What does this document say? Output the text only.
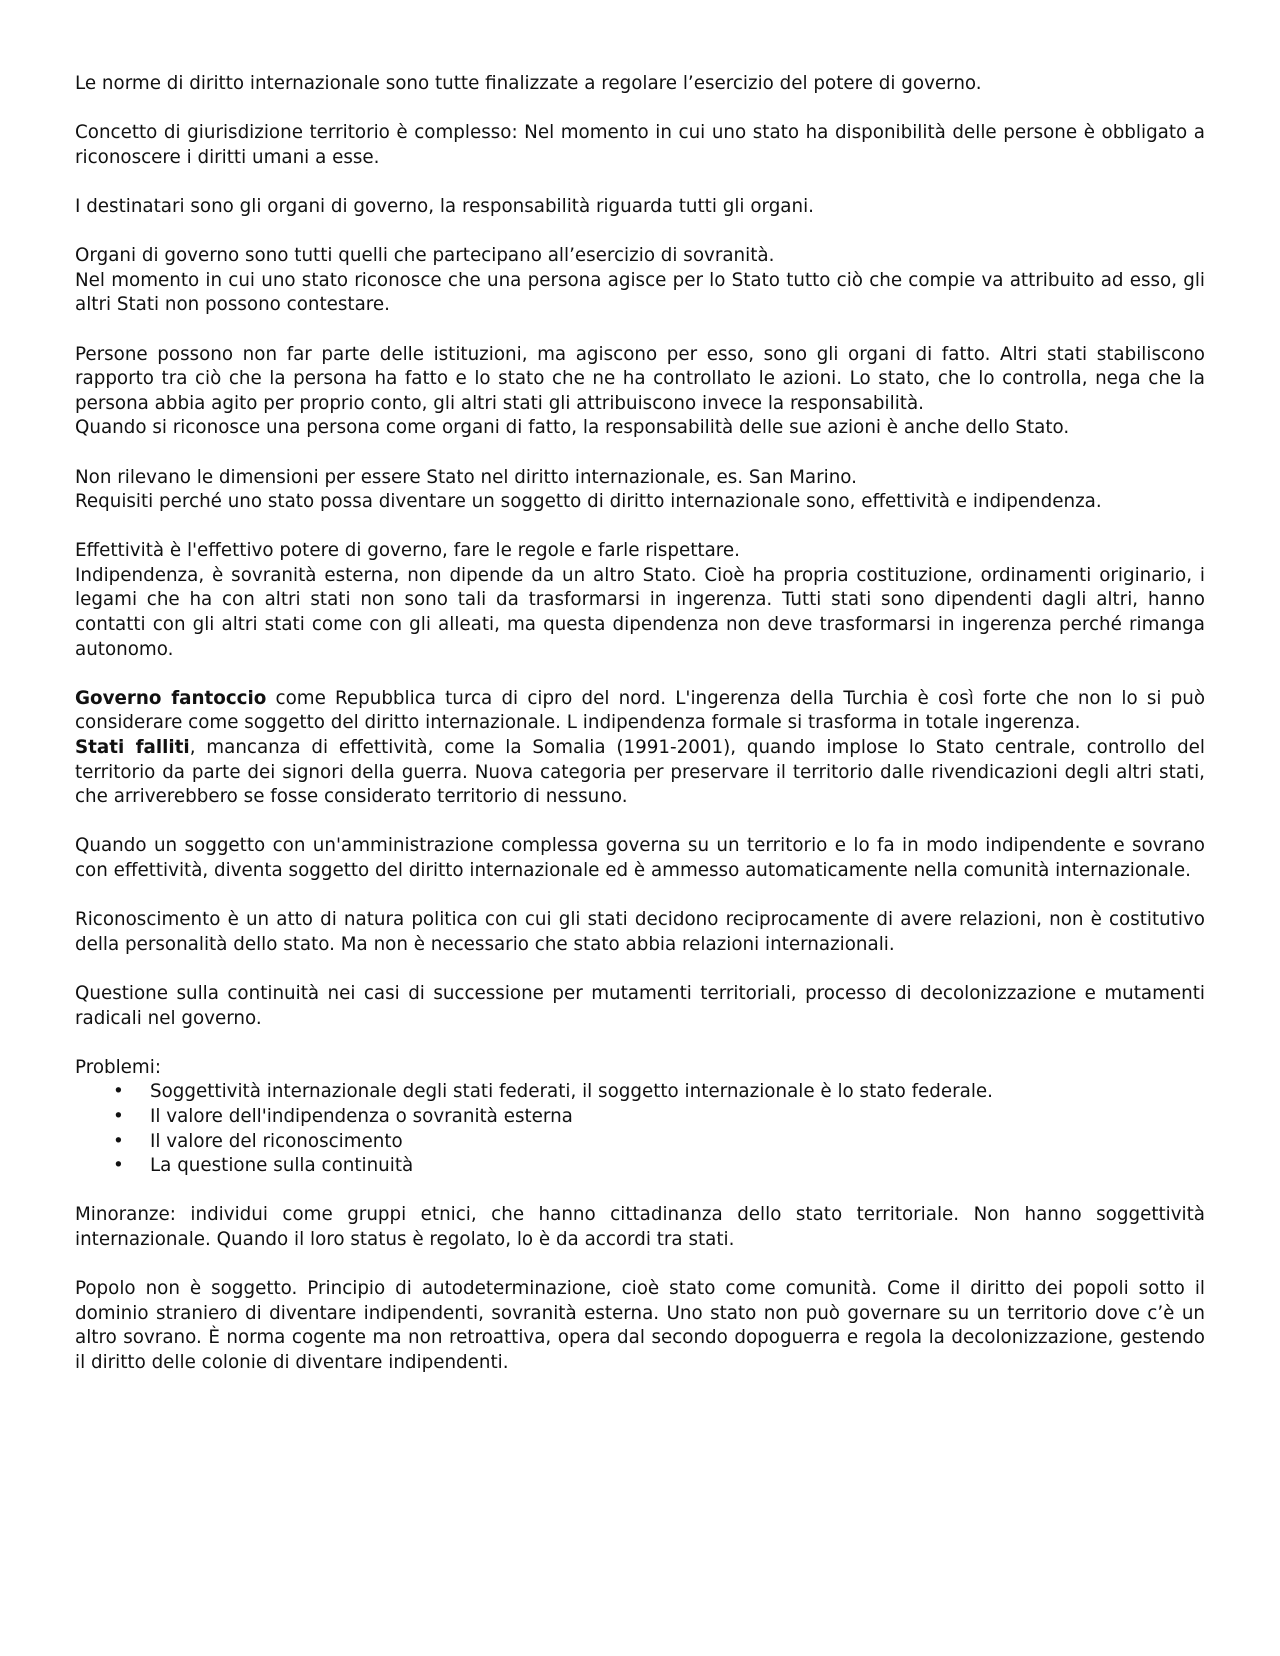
Le norme di diritto internazionale sono tutte finalizzate a regolare l’esercizio del potere di governo.

Concetto di giurisdizione territorio è complesso: Nel momento in cui uno stato ha disponibilità delle persone è obbligato a riconoscere i diritti umani a esse.

I destinatari sono gli organi di governo, la responsabilità riguarda tutti gli organi.

Organi di governo sono tutti quelli che partecipano all’esercizio di sovranità.
Nel momento in cui uno stato riconosce che una persona agisce per lo Stato tutto ciò che compie va attribuito ad esso, gli altri Stati non possono contestare.
Persone possono non far parte delle istituzioni, ma agiscono per esso, sono gli organi di fatto. Altri stati stabiliscono rapporto tra ciò che la persona ha fatto e lo stato che ne ha controllato le azioni. Lo stato, che lo controlla, nega che la persona abbia agito per proprio conto, gli altri stati gli attribuiscono invece la responsabilità.
Quando si riconosce una persona come organi di fatto, la responsabilità delle sue azioni è anche dello Stato.
Non rilevano le dimensioni per essere Stato nel diritto internazionale, es. San Marino.
Requisiti perché uno stato possa diventare un soggetto di diritto internazionale sono, effettività e indipendenza.
Effettività è l'effettivo potere di governo, fare le regole e farle rispettare.
Indipendenza, è sovranità esterna, non dipende da un altro Stato. Cioè ha propria costituzione, ordinamenti originario, i legami che ha con altri stati non sono tali da trasformarsi in ingerenza. Tutti stati sono dipendenti dagli altri, hanno contatti con gli altri stati come con gli alleati, ma questa dipendenza non deve trasformarsi in ingerenza perché rimanga autonomo.
Governo fantoccio come Repubblica turca di cipro del nord. L'ingerenza della Turchia è così forte che non lo si può considerare come soggetto del diritto internazionale. L indipendenza formale si trasforma in totale ingerenza.
Stati falliti, mancanza di effettività, come la Somalia (1991-2001), quando implose lo Stato centrale, controllo del territorio da parte dei signori della guerra. Nuova categoria per preservare il territorio dalle rivendicazioni degli altri stati, che arriverebbero se fosse considerato territorio di nessuno.

Quando un soggetto con un'amministrazione complessa governa su un territorio e lo fa in modo indipendente e sovrano con effettività, diventa soggetto del diritto internazionale ed è ammesso automaticamente nella comunità internazionale.

Riconoscimento è un atto di natura politica con cui gli stati decidono reciprocamente di avere relazioni, non è costitutivo della personalità dello stato. Ma non è necessario che stato abbia relazioni internazionali.

Questione sulla continuità nei casi di successione per mutamenti territoriali, processo di decolonizzazione e mutamenti radicali nel governo.

Problemi:

• Soggettività internazionale degli stati federati, il soggetto internazionale è lo stato federale.
• Il valore dell'indipendenza o sovranità esterna
• Il valore del riconoscimento
• La questione sulla continuità

Minoranze: individui come gruppi etnici, che hanno cittadinanza dello stato territoriale. Non hanno soggettività internazionale. Quando il loro status è regolato, lo è da accordi tra stati.

Popolo non è soggetto. Principio di autodeterminazione, cioè stato come comunità. Come il diritto dei popoli sotto il dominio straniero di diventare indipendenti, sovranità esterna. Uno stato non può governare su un territorio dove c’è un altro sovrano. È norma cogente ma non retroattiva, opera dal secondo dopoguerra e regola la decolonizzazione, gestendo il diritto delle colonie di diventare indipendenti.
